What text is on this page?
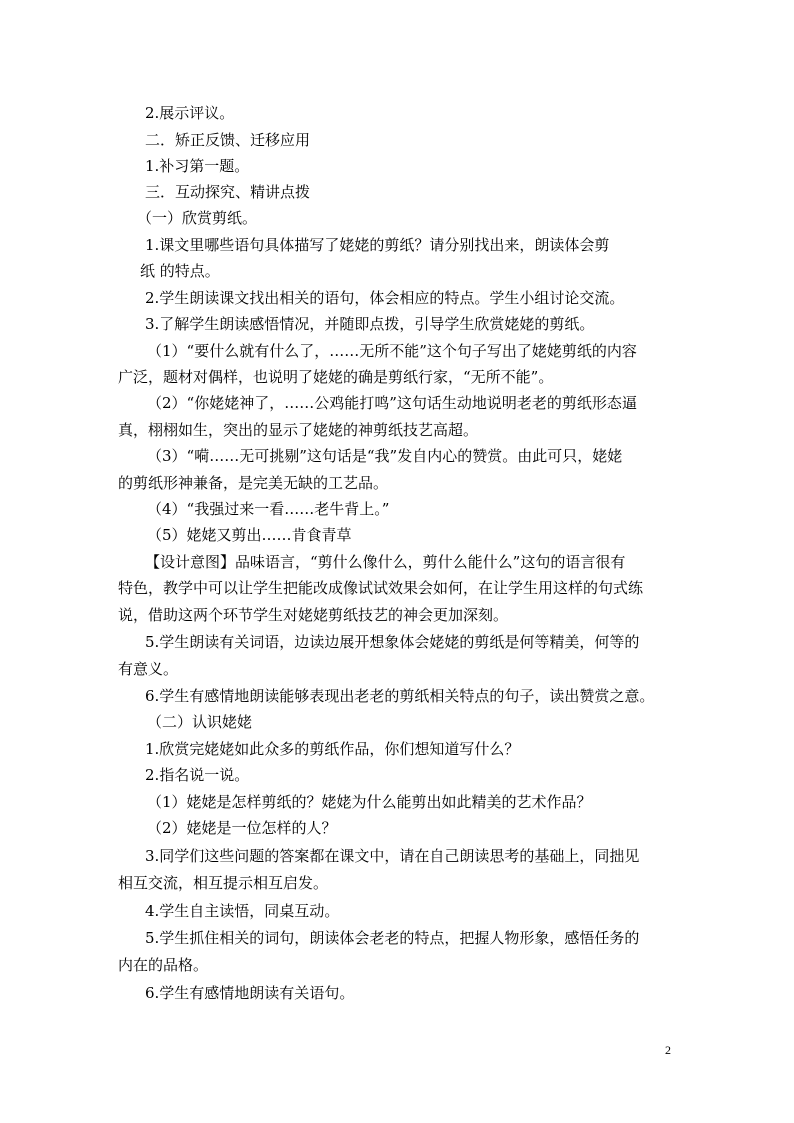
2.展示评议。
二．矫正反馈、迁移应用
1.补习第一题。
三．互动探究、精讲点拨
（一）欣赏剪纸。
1.课文里哪些语句具体描写了姥姥的剪纸？请分别找出来，朗读体会剪
纸 的特点。
2.学生朗读课文找出相关的语句，体会相应的特点。学生小组讨论交流。
3.了解学生朗读感悟情况，并随即点拨，引导学生欣赏姥姥的剪纸。
（1）“要什么就有什么了，……无所不能”这个句子写出了姥姥剪纸的内容
广泛，题材对偶样，也说明了姥姥的确是剪纸行家，“无所不能”。
（2）“你姥姥神了，……公鸡能打鸣”这句话生动地说明老老的剪纸形态逼
真，栩栩如生，突出的显示了姥姥的神剪纸技艺高超。
（3）“嗬……无可挑剔”这句话是“我”发自内心的赞赏。由此可只，姥姥
的剪纸形神兼备，是完美无缺的工艺品。
（4）“我强过来一看……老牛背上。”
（5）姥姥又剪出……肯食青草
【设计意图】品味语言，“剪什么像什么，剪什么能什么”这句的语言很有
特色，教学中可以让学生把能改成像试试效果会如何，在让学生用这样的句式练
说，借助这两个环节学生对姥姥剪纸技艺的神会更加深刻。
5.学生朗读有关词语，边读边展开想象体会姥姥的剪纸是何等精美，何等的
有意义。
6.学生有感情地朗读能够表现出老老的剪纸相关特点的句子，读出赞赏之意。
（二）认识姥姥
1.欣赏完姥姥如此众多的剪纸作品，你们想知道写什么？
2.指名说一说。
（1）姥姥是怎样剪纸的？姥姥为什么能剪出如此精美的艺术作品？
（2）姥姥是一位怎样的人？
3.同学们这些问题的答案都在课文中，请在自己朗读思考的基础上，同拙见
相互交流，相互提示相互启发。
4.学生自主读悟，同桌互动。
5.学生抓住相关的词句，朗读体会老老的特点，把握人物形象，感悟任务的
内在的品格。
6.学生有感情地朗读有关语句。
2
